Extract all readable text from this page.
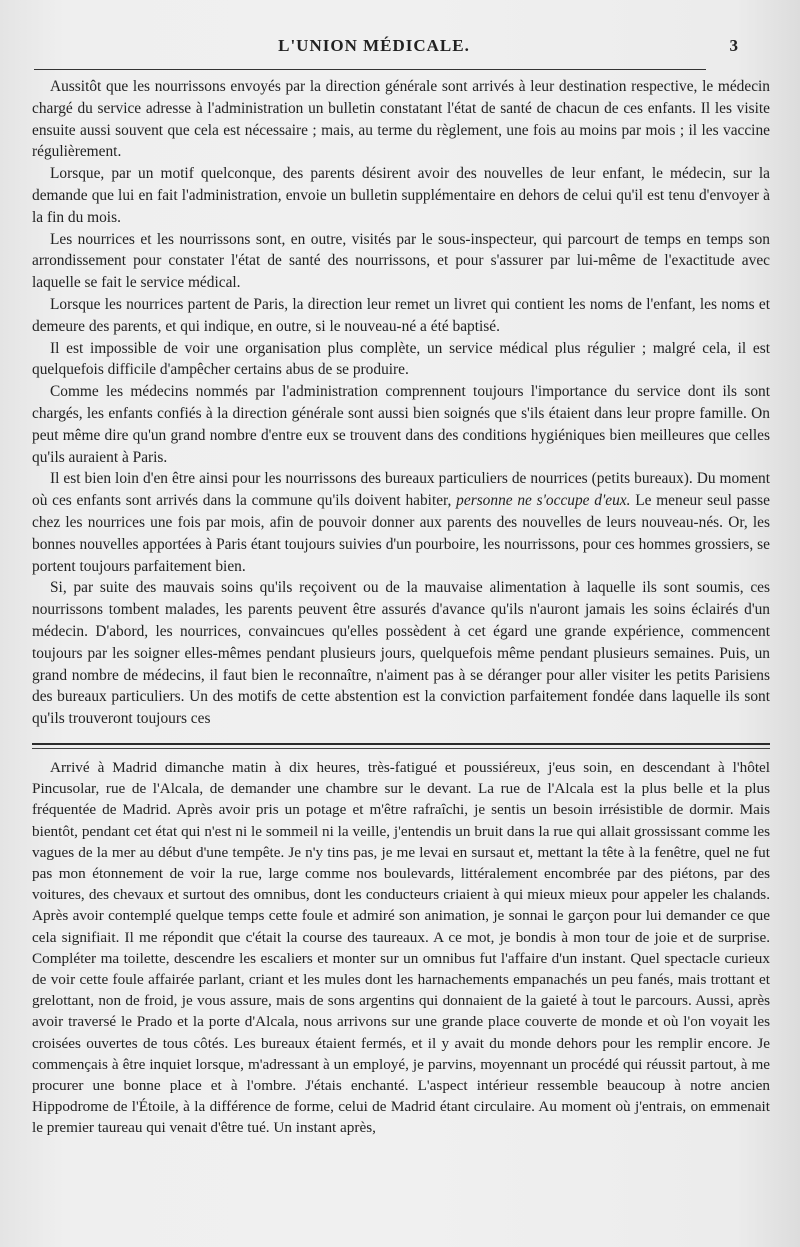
L'UNION MÉDICALE.	3

Aussitôt que les nourrissons envoyés par la direction générale sont arrivés à leur destination respective, le médecin chargé du service adresse à l'administration un bulletin constatant l'état de santé de chacun de ces enfants. Il les visite ensuite aussi souvent que cela est nécessaire ; mais, au terme du règlement, une fois au moins par mois ; il les vaccine régulièrement.

Lorsque, par un motif quelconque, des parents désirent avoir des nouvelles de leur enfant, le médecin, sur la demande que lui en fait l'administration, envoie un bulletin supplémentaire en dehors de celui qu'il est tenu d'envoyer à la fin du mois.

Les nourrices et les nourrissons sont, en outre, visités par le sous-inspecteur, qui parcourt de temps en temps son arrondissement pour constater l'état de santé des nourrissons, et pour s'assurer par lui-même de l'exactitude avec laquelle se fait le service médical.

Lorsque les nourrices partent de Paris, la direction leur remet un livret qui contient les noms de l'enfant, les noms et demeure des parents, et qui indique, en outre, si le nouveau-né a été baptisé.

Il est impossible de voir une organisation plus complète, un service médical plus régulier ; malgré cela, il est quelquefois difficile d'ampêcher certains abus de se produire.

Comme les médecins nommés par l'administration comprennent toujours l'importance du service dont ils sont chargés, les enfants confiés à la direction générale sont aussi bien soignés que s'ils étaient dans leur propre famille. On peut même dire qu'un grand nombre d'entre eux se trouvent dans des conditions hygiéniques bien meilleures que celles qu'ils auraient à Paris.

Il est bien loin d'en être ainsi pour les nourrissons des bureaux particuliers de nourrices (petits bureaux). Du moment où ces enfants sont arrivés dans la commune qu'ils doivent habiter, personne ne s'occupe d'eux. Le meneur seul passe chez les nourrices une fois par mois, afin de pouvoir donner aux parents des nouvelles de leurs nouveau-nés. Or, les bonnes nouvelles apportées à Paris étant toujours suivies d'un pourboire, les nourrissons, pour ces hommes grossiers, se portent toujours parfaitement bien.

Si, par suite des mauvais soins qu'ils reçoivent ou de la mauvaise alimentation à laquelle ils sont soumis, ces nourrissons tombent malades, les parents peuvent être assurés d'avance qu'ils n'auront jamais les soins éclairés d'un médecin. D'abord, les nourrices, convaincues qu'elles possèdent à cet égard une grande expérience, commencent toujours par les soigner elles-mêmes pendant plusieurs jours, quelquefois même pendant plusieurs semaines. Puis, un grand nombre de médecins, il faut bien le reconnaître, n'aiment pas à se déranger pour aller visiter les petits Parisiens des bureaux particuliers. Un des motifs de cette abstention est la conviction parfaitement fondée dans laquelle ils sont qu'ils trouveront toujours ces

Arrivé à Madrid dimanche matin à dix heures, très-fatigué et poussiéreux, j'eus soin, en descendant à l'hôtel Pincusolar, rue de l'Alcala, de demander une chambre sur le devant. La rue de l'Alcala est la plus belle et la plus fréquentée de Madrid. Après avoir pris un potage et m'être rafraîchi, je sentis un besoin irrésistible de dormir. Mais bientôt, pendant cet état qui n'est ni le sommeil ni la veille, j'entendis un bruit dans la rue qui allait grossissant comme les vagues de la mer au début d'une tempête. Je n'y tins pas, je me levai en sursaut et, mettant la tête à la fenêtre, quel ne fut pas mon étonnement de voir la rue, large comme nos boulevards, littéralement encombrée par des piétons, par des voitures, des chevaux et surtout des omnibus, dont les conducteurs criaient à qui mieux mieux pour appeler les chalands. Après avoir contemplé quelque temps cette foule et admiré son animation, je sonnai le garçon pour lui demander ce que cela signifiait. Il me répondit que c'était la course des taureaux. A ce mot, je bondis à mon tour de joie et de surprise. Compléter ma toilette, descendre les escaliers et monter sur un omnibus fut l'affaire d'un instant. Quel spectacle curieux de voir cette foule affairée parlant, criant et les mules dont les harnachements empanachés un peu fanés, mais trottant et grelottant, non de froid, je vous assure, mais de sons argentins qui donnaient de la gaieté à tout le parcours. Aussi, après avoir traversé le Prado et la porte d'Alcala, nous arrivons sur une grande place couverte de monde et où l'on voyait les croisées ouvertes de tous côtés. Les bureaux étaient fermés, et il y avait du monde dehors pour les remplir encore. Je commençais à être inquiet lorsque, m'adressant à un employé, je parvins, moyennant un procédé qui réussit partout, à me procurer une bonne place et à l'ombre. J'étais enchanté. L'aspect intérieur ressemble beaucoup à notre ancien Hippodrome de l'Étoile, à la différence de forme, celui de Madrid étant circulaire. Au moment où j'entrais, on emmenait le premier taureau qui venait d'être tué. Un instant après,
